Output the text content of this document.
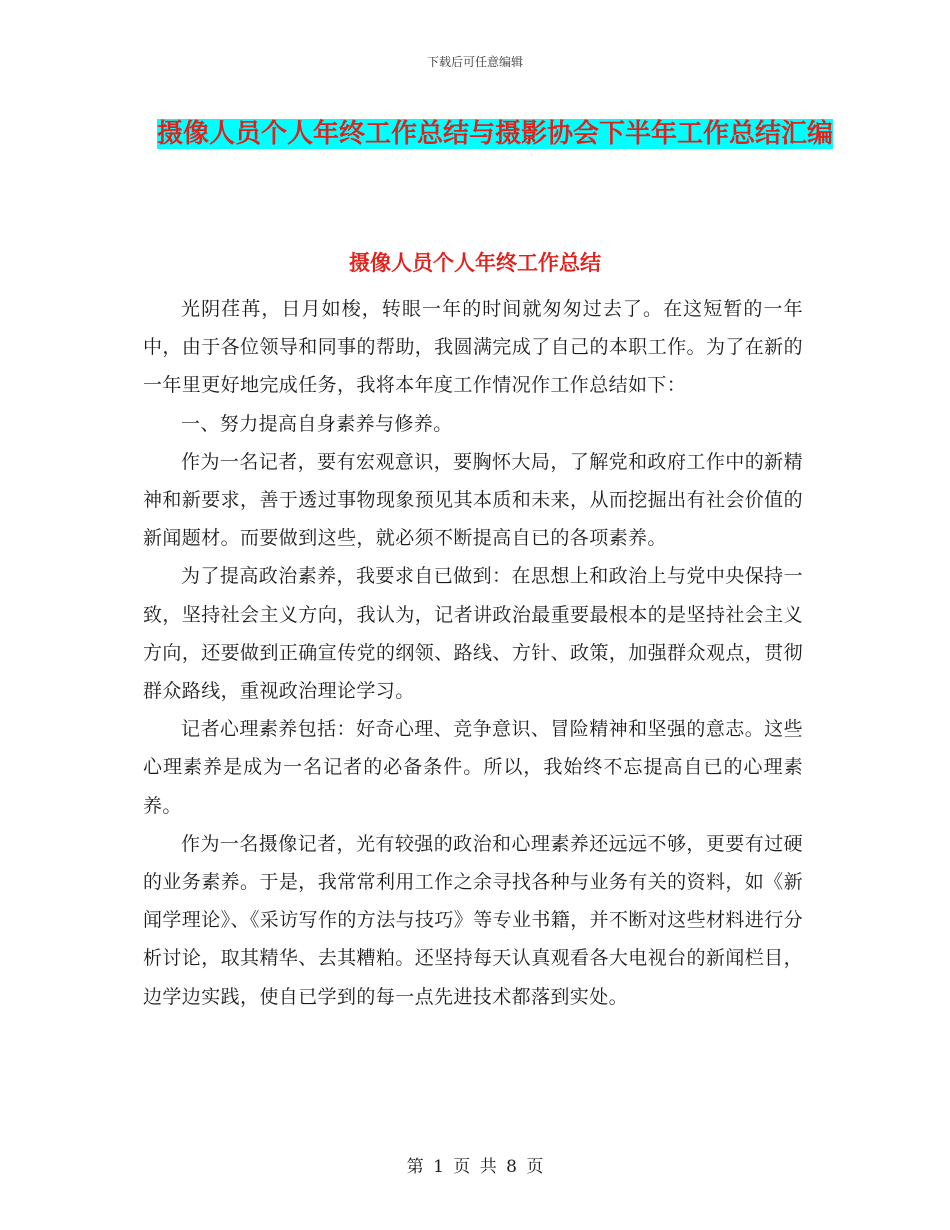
下载后可任意编辑
摄像人员个人年终工作总结与摄影协会下半年工作总结汇编
摄像人员个人年终工作总结

光阴荏苒，日月如梭，转眼一年的时间就匆匆过去了。在这短暂的一年中，由于各位领导和同事的帮助，我圆满完成了自己的本职工作。为了在新的一年里更好地完成任务，我将本年度工作情况作工作总结如下：

一、努力提高自身素养与修养。

作为一名记者，要有宏观意识，要胸怀大局，了解党和政府工作中的新精神和新要求，善于透过事物现象预见其本质和未来，从而挖掘出有社会价值的新闻题材。而要做到这些，就必须不断提高自已的各项素养。

为了提高政治素养，我要求自已做到：在思想上和政治上与党中央保持一致，坚持社会主义方向，我认为，记者讲政治最重要最根本的是坚持社会主义方向，还要做到正确宣传党的纲领、路线、方针、政策，加强群众观点，贯彻群众路线，重视政治理论学习。

记者心理素养包括：好奇心理、竞争意识、冒险精神和坚强的意志。这些心理素养是成为一名记者的必备条件。所以，我始终不忘提高自已的心理素养。

作为一名摄像记者，光有较强的政治和心理素养还远远不够，更要有过硬的业务素养。于是，我常常利用工作之余寻找各种与业务有关的资料，如《新闻学理论》、《采访写作的方法与技巧》等专业书籍，并不断对这些材料进行分析讨论，取其精华、去其糟粕。还坚持每天认真观看各大电视台的新闻栏目，边学边实践，使自已学到的每一点先进技术都落到实处。

第 1 页 共 8 页
